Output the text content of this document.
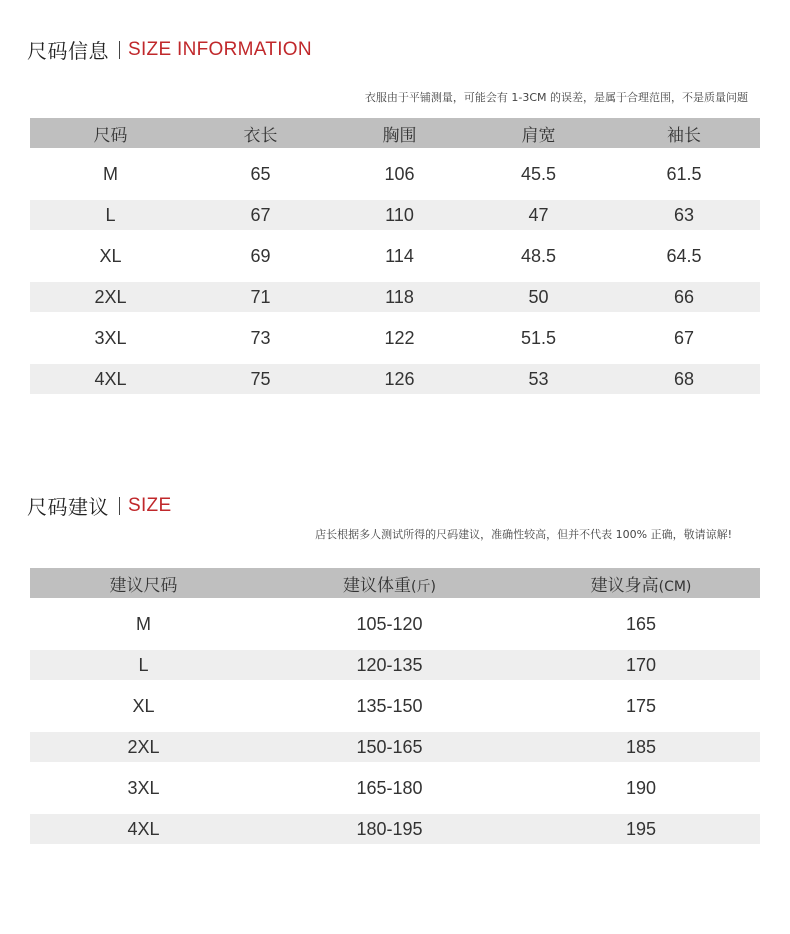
尺码信息 SIZE INFORMATION
衣服由于平铺测量，可能会有 1-3CM 的误差，是属于合理范围，不是质量问题
尺码	衣长	胸围	肩宽	袖长
M	65	106	45.5	61.5
L	67	110	47	63
XL	69	114	48.5	64.5
2XL	71	118	50	66
3XL	73	122	51.5	67
4XL	75	126	53	68
尺码建议 SIZE
店长根据多人测试所得的尺码建议，准确性较高，但并不代表 100% 正确，敬请谅解!
建议尺码	建议体重(斤)	建议身高(CM)
M	105-120	165
L	120-135	170
XL	135-150	175
2XL	150-165	185
3XL	165-180	190
4XL	180-195	195
